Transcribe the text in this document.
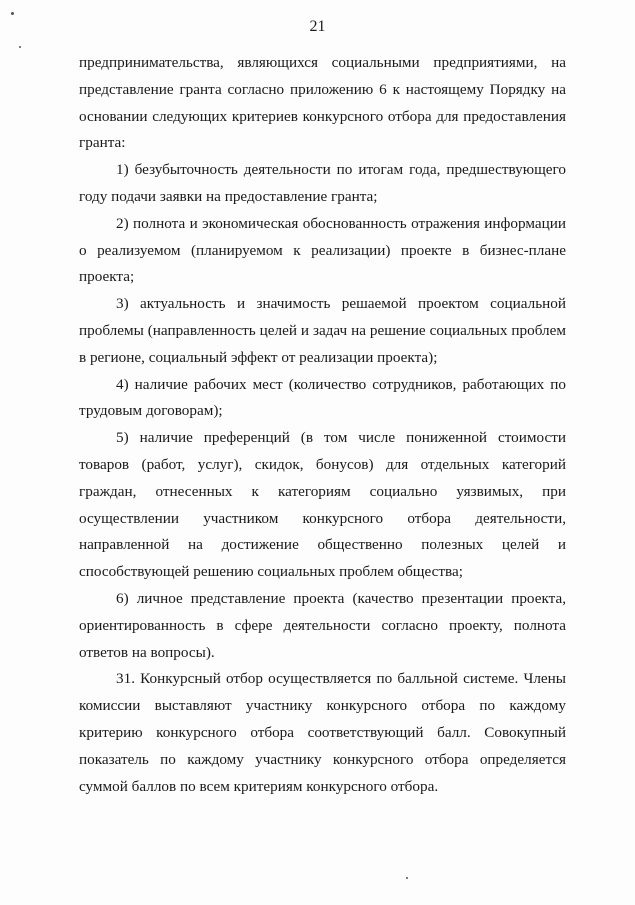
21

предпринимательства, являющихся социальными предприятиями, на представление гранта согласно приложению 6 к настоящему Порядку на основании следующих критериев конкурсного отбора для предоставления гранта:

1) безубыточность деятельности по итогам года, предшествующего году подачи заявки на предоставление гранта;

2) полнота и экономическая обоснованность отражения информации о реализуемом (планируемом к реализации) проекте в бизнес-плане проекта;

3) актуальность и значимость решаемой проектом социальной проблемы (направленность целей и задач на решение социальных проблем в регионе, социальный эффект от реализации проекта);

4) наличие рабочих мест (количество сотрудников, работающих по трудовым договорам);

5) наличие преференций (в том числе пониженной стоимости товаров (работ, услуг), скидок, бонусов) для отдельных категорий граждан, отнесенных к категориям социально уязвимых, при осуществлении участником конкурсного отбора деятельности, направленной на достижение общественно полезных целей и способствующей решению социальных проблем общества;

6) личное представление проекта (качество презентации проекта, ориентированность в сфере деятельности согласно проекту, полнота ответов на вопросы).

31. Конкурсный отбор осуществляется по балльной системе. Члены комиссии выставляют участнику конкурсного отбора по каждому критерию конкурсного отбора соответствующий балл. Совокупный показатель по каждому участнику конкурсного отбора определяется суммой баллов по всем критериям конкурсного отбора.
